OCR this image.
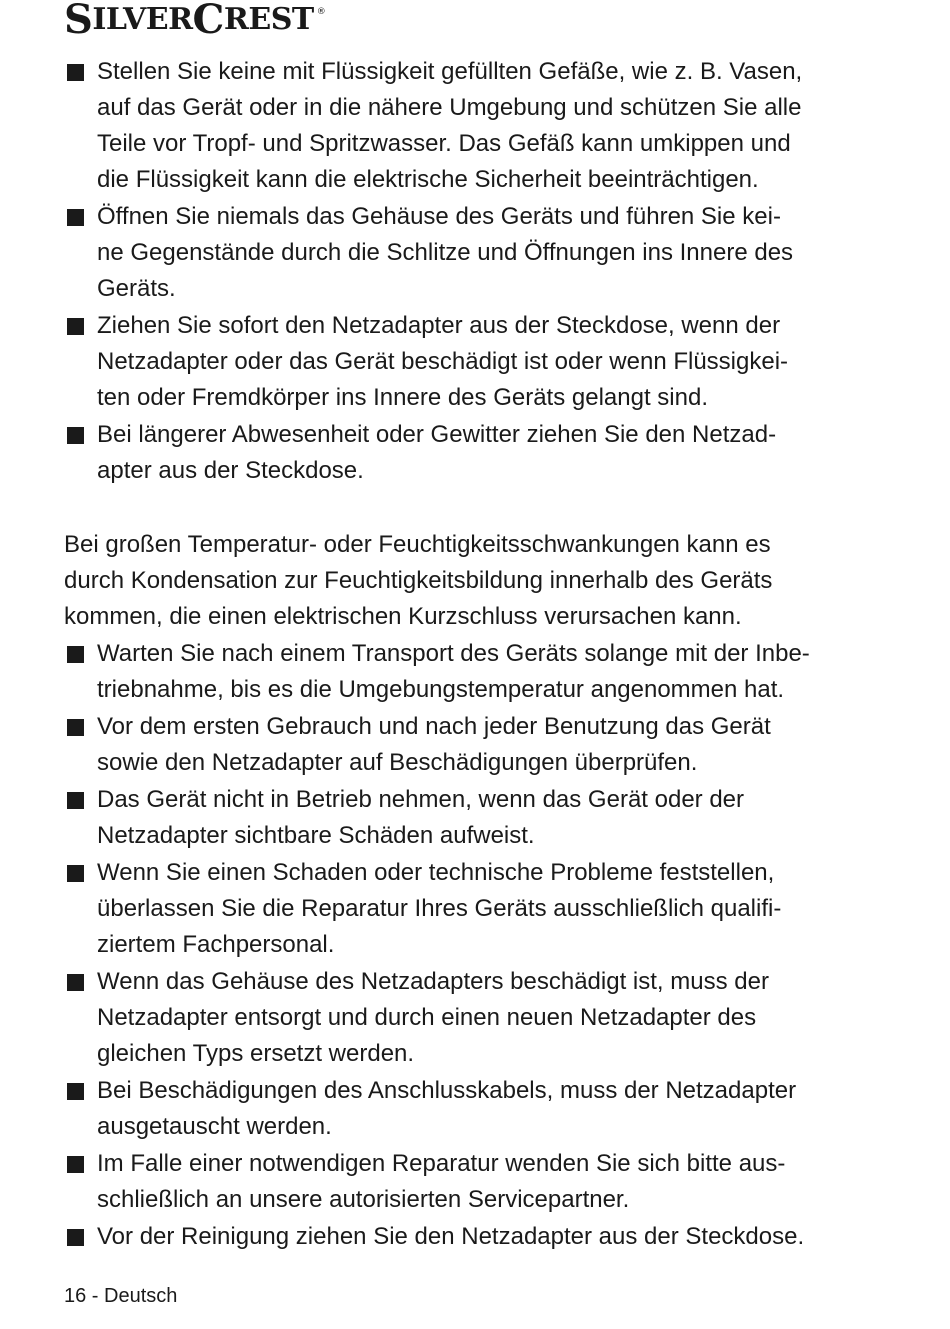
S ILVER C REST ®
Stellen Sie keine mit Flüssigkeit gefüllten Gefäße, wie z. B. Vasen,
auf das Gerät oder in die nähere Umgebung und schützen Sie alle
Teile vor Tropf- und Spritzwasser. Das Gefäß kann umkippen und
die Flüssigkeit kann die elektrische Sicherheit beeinträchtigen.
Öffnen Sie niemals das Gehäuse des Geräts und führen Sie kei-
ne Gegenstände durch die Schlitze und Öffnungen ins Innere des
Geräts.
Ziehen Sie sofort den Netzadapter aus der Steckdose, wenn der
Netzadapter oder das Gerät beschädigt ist oder wenn Flüssigkei-
ten oder Fremdkörper ins Innere des Geräts gelangt sind.
Bei längerer Abwesenheit oder Gewitter ziehen Sie den Netzad-
apter aus der Steckdose.
Bei großen Temperatur- oder Feuchtigkeitsschwankungen kann es
durch Kondensation zur Feuchtigkeitsbildung innerhalb des Geräts
kommen, die einen elektrischen Kurzschluss verursachen kann.
Warten Sie nach einem Transport des Geräts solange mit der Inbe-
triebnahme, bis es die Umgebungstemperatur angenommen hat.
Vor dem ersten Gebrauch und nach jeder Benutzung das Gerät
sowie den Netzadapter auf Beschädigungen überprüfen.
Das Gerät nicht in Betrieb nehmen, wenn das Gerät oder der
Netzadapter sichtbare Schäden aufweist.
Wenn Sie einen Schaden oder technische Probleme feststellen,
überlassen Sie die Reparatur Ihres Geräts ausschließlich qualifi-
ziertem Fachpersonal.
Wenn das Gehäuse des Netzadapters beschädigt ist, muss der
Netzadapter entsorgt und durch einen neuen Netzadapter des
gleichen Typs ersetzt werden.
Bei Beschädigungen des Anschlusskabels, muss der Netzadapter
ausgetauscht werden.
Im Falle einer notwendigen Reparatur wenden Sie sich bitte aus-
schließlich an unsere autorisierten Servicepartner.
Vor der Reinigung ziehen Sie den Netzadapter aus der Steckdose.
16 - Deutsch
